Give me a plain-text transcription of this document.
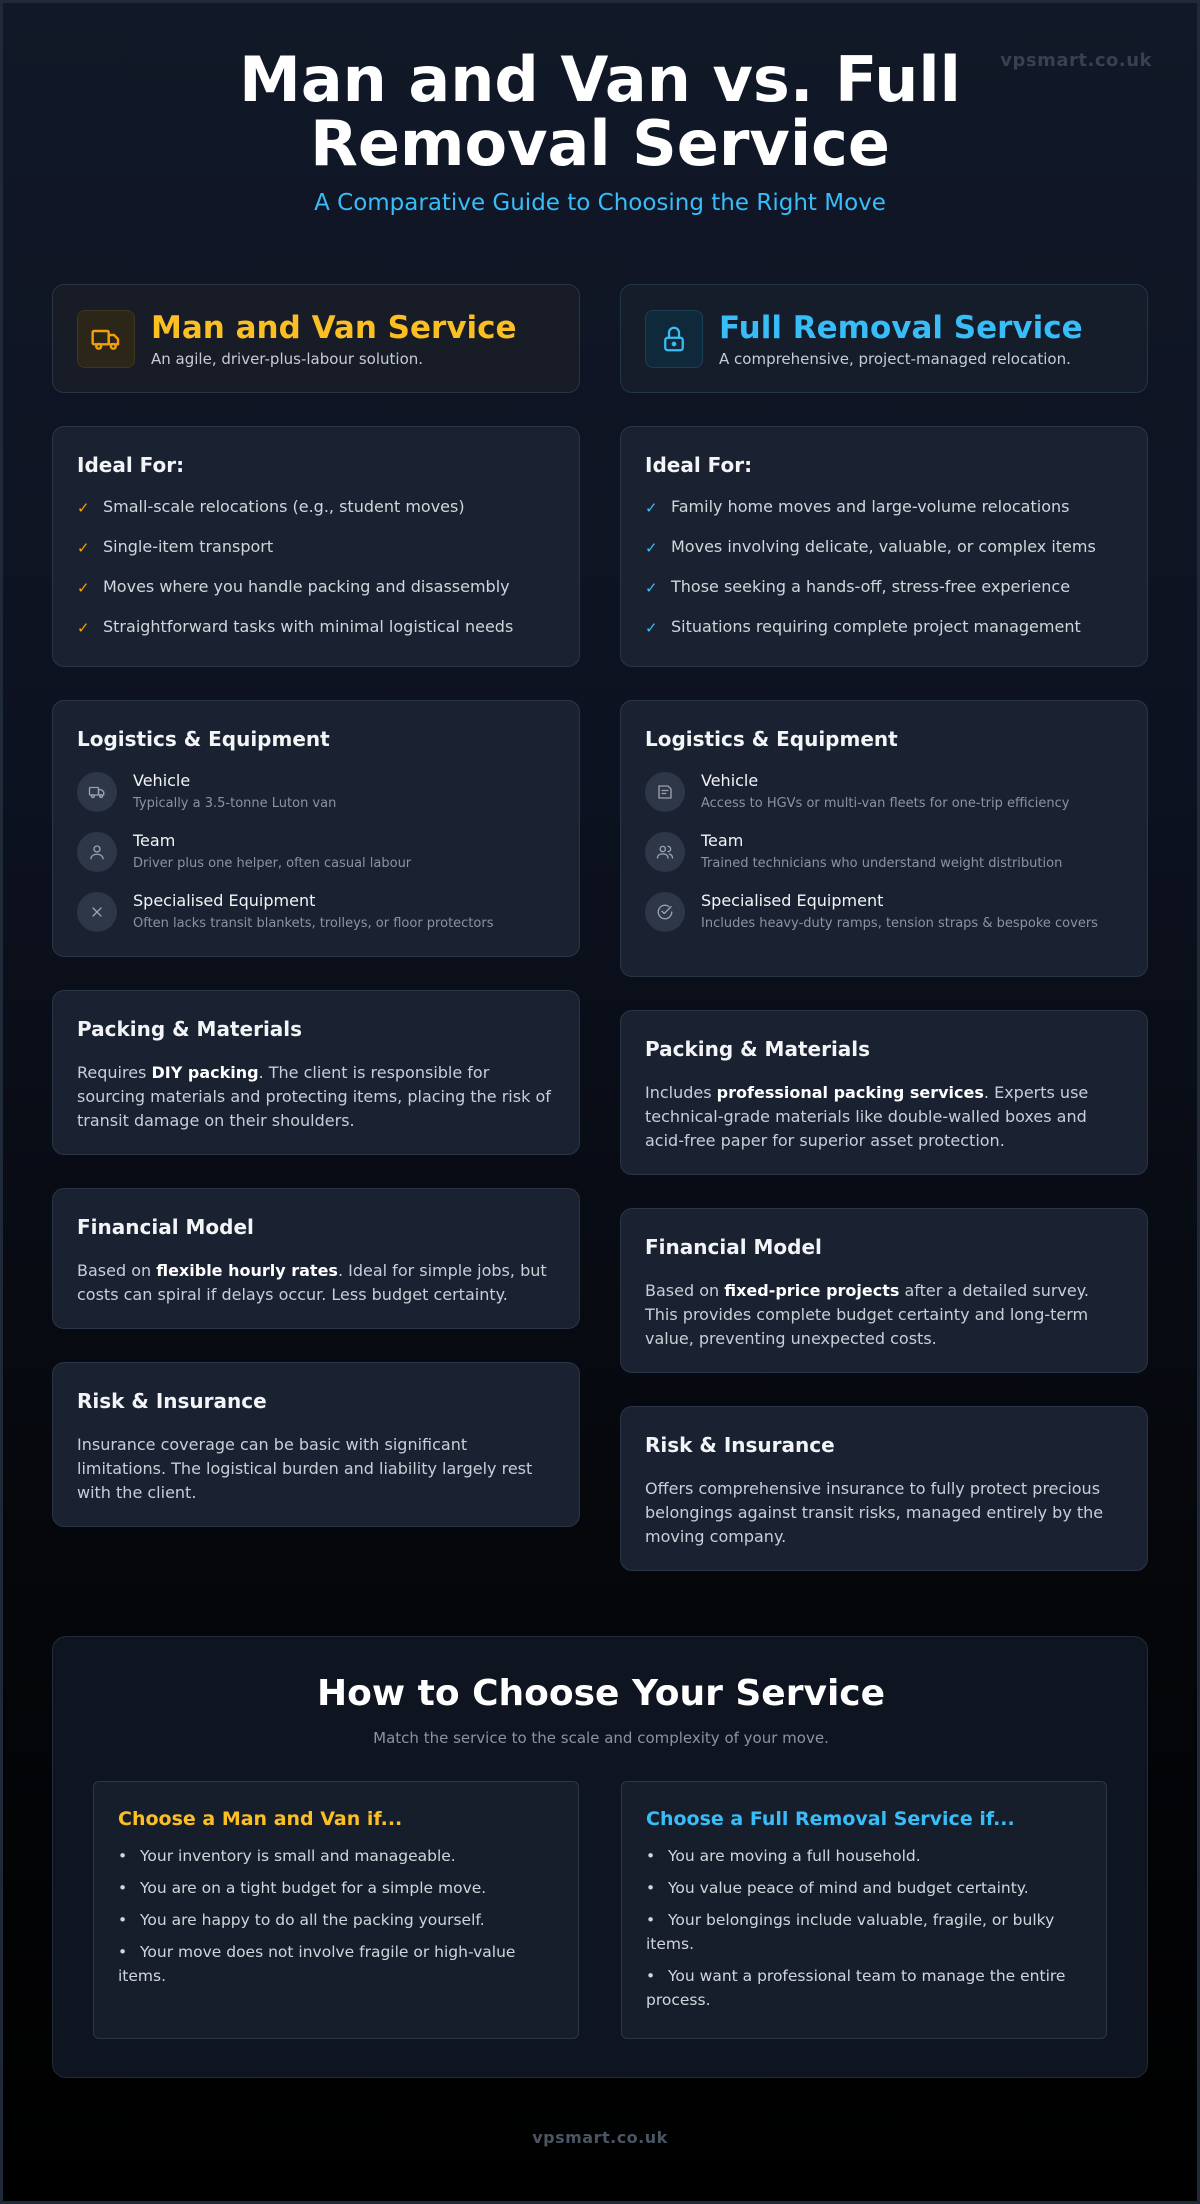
vpsmart.co.uk
Man and Van vs. Full Removal Service
A Comparative Guide to Choosing the Right Move
Man and Van Service
An agile, driver-plus-labour solution.
Ideal For:
✓ Small-scale relocations (e.g., student moves)
✓ Single-item transport
✓ Moves where you handle packing and disassembly
✓ Straightforward tasks with minimal logistical needs
Logistics & Equipment
Vehicle
Typically a 3.5-tonne Luton van
Team
Driver plus one helper, often casual labour
Specialised Equipment
Often lacks transit blankets, trolleys, or floor protectors
Packing & Materials

Requires DIY packing. The client is responsible for sourcing materials and protecting items, placing the risk of transit damage on their shoulders.

Financial Model

Based on flexible hourly rates. Ideal for simple jobs, but costs can spiral if delays occur. Less budget certainty.

Risk & Insurance

Insurance coverage can be basic with significant limitations. The logistical burden and liability largely rest with the client.

Full Removal Service
A comprehensive, project-managed relocation.
Ideal For:
✓ Family home moves and large-volume relocations
✓ Moves involving delicate, valuable, or complex items
✓ Those seeking a hands-off, stress-free experience
✓ Situations requiring complete project management
Logistics & Equipment
Vehicle
Access to HGVs or multi-van fleets for one-trip efficiency
Team
Trained technicians who understand weight distribution
Specialised Equipment
Includes heavy-duty ramps, tension straps & bespoke covers
Packing & Materials

Includes professional packing services. Experts use technical-grade materials like double-walled boxes and acid-free paper for superior asset protection.

Financial Model

Based on fixed-price projects after a detailed survey. This provides complete budget certainty and long-term value, preventing unexpected costs.

Risk & Insurance

Offers comprehensive insurance to fully protect precious belongings against transit risks, managed entirely by the moving company.

How to Choose Your Service
Match the service to the scale and complexity of your move.
Choose a Man and Van if...
• Your inventory is small and manageable.
• You are on a tight budget for a simple move.
• You are happy to do all the packing yourself.
• Your move does not involve fragile or high-value items.
Choose a Full Removal Service if...
• You are moving a full household.
• You value peace of mind and budget certainty.
• Your belongings include valuable, fragile, or bulky items.
• You want a professional team to manage the entire process.
vpsmart.co.uk
